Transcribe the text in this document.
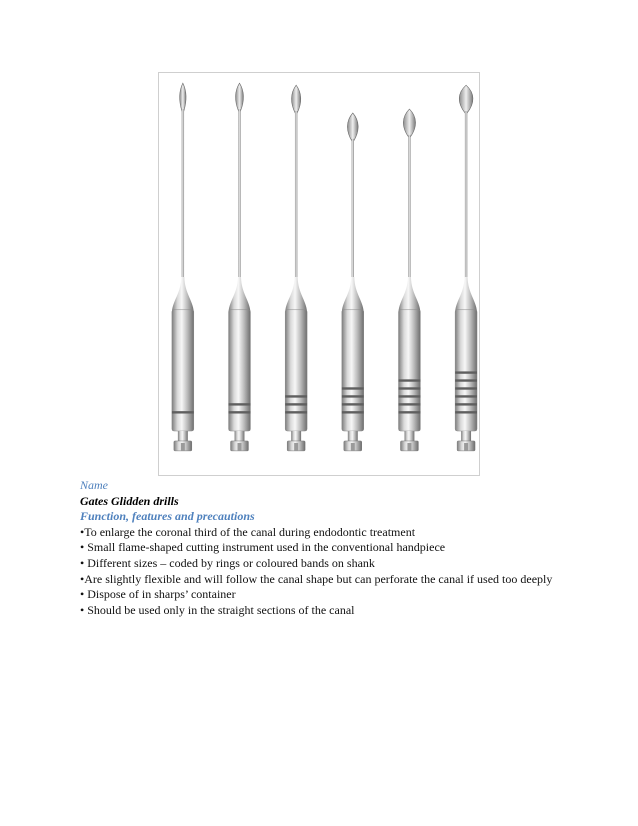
Name

Gates Glidden drills

Function, features and precautions

•To enlarge the coronal third of the canal during endodontic treatment

• Small flame-shaped cutting instrument used in the conventional handpiece

• Different sizes – coded by rings or coloured bands on shank

•Are slightly flexible and will follow the canal shape but can perforate the canal if used too deeply

• Dispose of in sharps’ container

• Should be used only in the straight sections of the canal
